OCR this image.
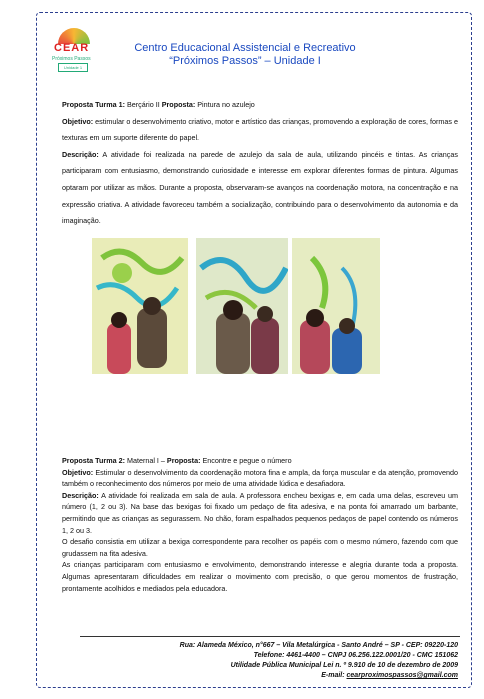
CEAR
Próximos Passos
Unidade 1
Centro Educacional Assistencial e Recreativo
“Próximos Passos” – Unidade I
Proposta Turma 1: Berçário II Proposta: Pintura no azulejo
Objetivo: estimular o desenvolvimento criativo, motor e artístico das crianças, promovendo a exploração de cores, formas e texturas em um suporte diferente do papel.
Descrição: A atividade foi realizada na parede de azulejo da sala de aula, utilizando pincéis e tintas. As crianças participaram com entusiasmo, demonstrando curiosidade e interesse em explorar diferentes formas de pintura. Algumas optaram por utilizar as mãos. Durante a proposta, observaram-se avanços na coordenação motora, na concentração e na expressão criativa. A atividade favoreceu também a socialização, contribuindo para o desenvolvimento da autonomia e da imaginação.
Proposta Turma 2: Maternal I – Proposta: Encontre e pegue o número
Objetivo: Estimular o desenvolvimento da coordenação motora fina e ampla, da força muscular e da atenção, promovendo também o reconhecimento dos números por meio de uma atividade lúdica e desafiadora.
Descrição: A atividade foi realizada em sala de aula. A professora encheu bexigas e, em cada uma delas, escreveu um número (1, 2 ou 3). Na base das bexigas foi fixado um pedaço de fita adesiva, e na ponta foi amarrado um barbante, permitindo que as crianças as segurassem. No chão, foram espalhados pequenos pedaços de papel contendo os números 1, 2 ou 3.
O desafio consistia em utilizar a bexiga correspondente para recolher os papéis com o mesmo número, fazendo com que grudassem na fita adesiva.
As crianças participaram com entusiasmo e envolvimento, demonstrando interesse e alegria durante toda a proposta. Algumas apresentaram dificuldades em realizar o movimento com precisão, o que gerou momentos de frustração, prontamente acolhidos e mediados pela educadora.
Rua: Alameda México, n°667 – Vila Metalúrgica - Santo André – SP - CEP: 09220-120
Telefone: 4461-4400 – CNPJ 06.256.122.0001/20 - CMC 151062
Utilidade Pública Municipal Lei n. º 9.910 de 10 de dezembro de 2009
E-mail: cearproximospassos@gmail.com
